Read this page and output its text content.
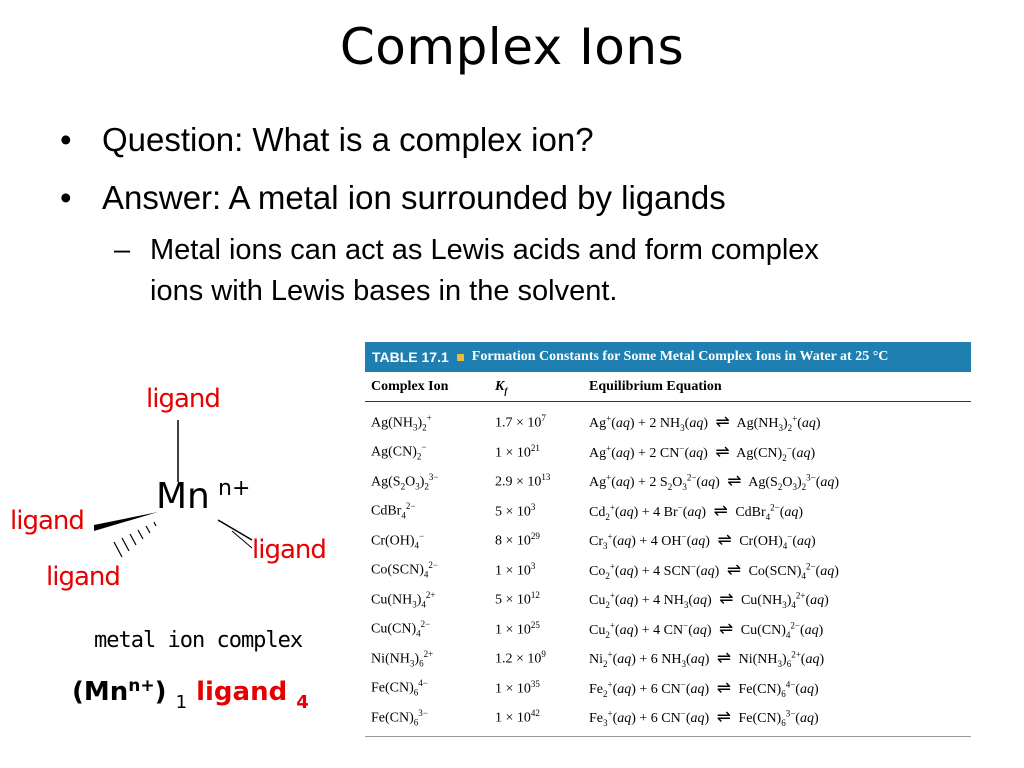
Complex Ions
• Question: What is a complex ion?
• Answer: A metal ion surrounded by ligands
– Metal ions can act as Lewis acids and form complex
ions with Lewis bases in the solvent.
ligand
ligand
ligand
ligand
Mn n+
metal ion complex
$(Mn^{n+})$ $_1$ ligand $_4$
TABLE 17.1 Formation Constants for Some Metal Complex Ions in Water at 25 °C
Complex Ion	$K_f$	Equilibrium Equation
$Ag(NH_3)_2^+$	$1.7 \times 10^7$	Ag+(aq) + 2 $NH_3(aq)$ ⇌ $Ag(NH_3)_2^+(aq)$
$Ag(CN)_2^-$	$1 \times 10^{21}$	Ag+(aq) + 2 CN−(aq) ⇌ $Ag(CN)_2^-(aq)$
$Ag(S_2O_3)_2^{3-}$	$2.9 \times 10^{13}$	Ag+(aq) + 2 $S_2O_3^{2-}(aq)$ ⇌ $Ag(S_2O_3)_2^{3-}(aq)$
CdBr$_4^{2-}$	$5 \times 10^3$	$Cd_2^+(aq) + 4$ Br−(aq) ⇌ CdBr$_4^{2-}$(aq)
$Cr(OH)_4^-$	$8 \times 10^{29}$	$Cr_3^+(aq) + 4$ OH−(aq) ⇌ $Cr(OH)_4^-(aq)$
$Co(SCN)_4^{2-}$	$1 \times 10^3$	$Co_2^+(aq) + 4$ SCN−(aq) ⇌ $Co(SCN)_4^{2-}(aq)$
$Cu(NH_3)_4^{2+}$	$5 \times 10^{12}$	$Cu_2^+(aq) + 4$ $NH_3(aq)$ ⇌ $Cu(NH_3)_4^{2+}(aq)$
$Cu(CN)_4^{2-}$	$1 \times 10^{25}$	$Cu_2^+(aq) + 4$ CN−(aq) ⇌ $Cu(CN)_4^{2-}(aq)$
$Ni(NH_3)_6^{2+}$	$1.2 \times 10^9$	$Ni_2^+(aq) + 6$ $NH_3(aq)$ ⇌ $Ni(NH_3)_6^{2+}(aq)$
$Fe(CN)_6^{4-}$	$1 \times 10^{35}$	$Fe_2^+(aq) + 6$ CN−(aq) ⇌ $Fe(CN)_6^{4-}(aq)$
$Fe(CN)_6^{3-}$	$1 \times 10^{42}$	$Fe_3^+(aq) + 6$ CN−(aq) ⇌ $Fe(CN)_6^{3-}(aq)$
